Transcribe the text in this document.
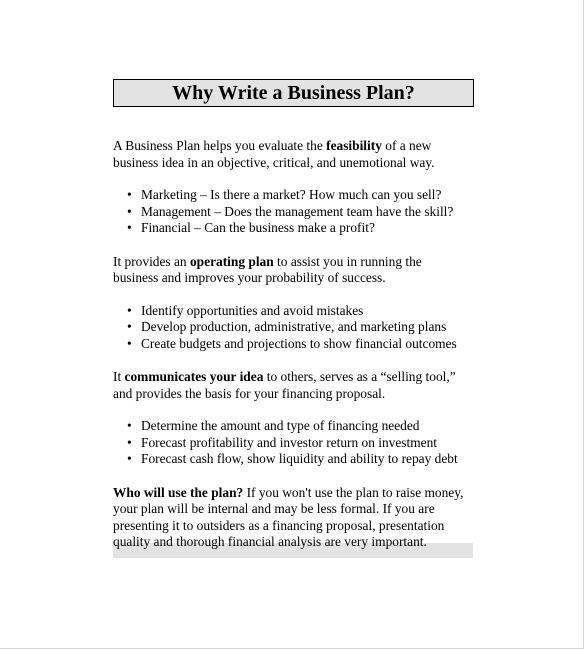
Why Write a Business Plan?

A Business Plan helps you evaluate the feasibility of a new
business idea in an objective, critical, and unemotional way.

• Marketing – Is there a market? How much can you sell?
• Management – Does the management team have the skill?
• Financial – Can the business make a profit?

It provides an operating plan to assist you in running the
business and improves your probability of success.

• Identify opportunities and avoid mistakes
• Develop production, administrative, and marketing plans
• Create budgets and projections to show financial outcomes

It communicates your idea to others, serves as a “selling tool,”
and provides the basis for your financing proposal.

• Determine the amount and type of financing needed
• Forecast profitability and investor return on investment
• Forecast cash flow, show liquidity and ability to repay debt

Who will use the plan? If you won't use the plan to raise money,
your plan will be internal and may be less formal. If you are
presenting it to outsiders as a financing proposal, presentation
quality and thorough financial analysis are very important.
